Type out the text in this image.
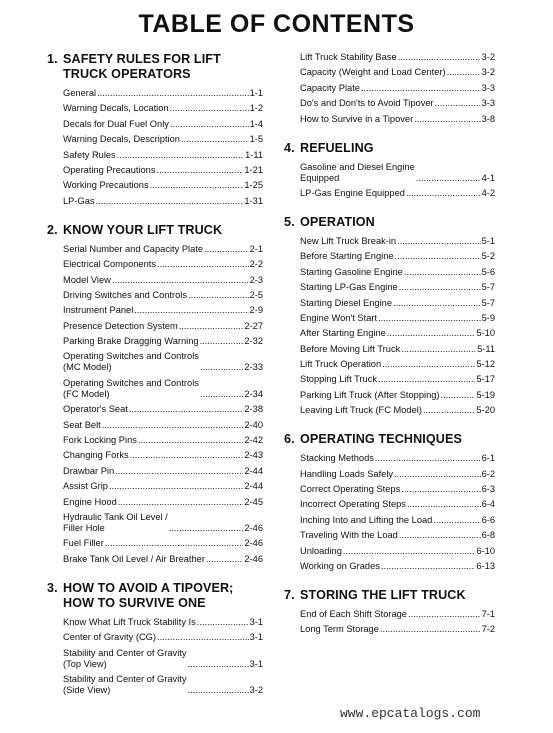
TABLE OF CONTENTS
1. SAFETY RULES FOR LIFT TRUCK OPERATORS
General .....	1-1
Warning Decals, Location .....	1-2
Decals for Dual Fuel Only .....	1-4
Warning Decals, Description .....	1-5
Safety Rules .....	1-11
Operating Precautions .....	1-21
Working Precautions .....	1-25
LP-Gas .....	1-31
2. KNOW YOUR LIFT TRUCK
Serial Number and Capacity Plate .....	2-1
Electrical Components .....	2-2
Model View .....	2-3
Driving Switches and Controls .....	2-5
Instrument Panel .....	2-9
Presence Detection System .....	2-27
Parking Brake Dragging Warning .....	2-32
Operating Switches and Controls
(MC Model) .....	2-33
Operating Switches and Controls
(FC Model) .....	2-34
Operator's Seat .....	2-38
Seat Belt .....	2-40
Fork Locking Pins .....	2-42
Changing Forks .....	2-43
Drawbar Pin .....	2-44
Assist Grip .....	2-44
Engine Hood .....	2-45
Hydraulic Tank Oil Level /
Filler Hole .....	2-46
Fuel Filler .....	2-46
Brake Tank Oil Level / Air Breather .....	2-46
3. HOW TO AVOID A TIPOVER; HOW TO SURVIVE ONE
Know What Lift Truck Stability Is .....	3-1
Center of Gravity (CG) .....	3-1
Stability and Center of Gravity
(Top View) .....	3-1
Stability and Center of Gravity
(Side View) .....	3-2
Lift Truck Stability Base .....	3-2
Capacity (Weight and Load Center) .....	3-2
Capacity Plate .....	3-3
Do's and Don'ts to Avoid Tipover .....	3-3
How to Survive in a Tipover .....	3-8
4. REFUELING
Gasoline and Diesel Engine
Equipped .....	4-1
LP-Gas Engine Equipped .....	4-2
5. OPERATION
New Lift Truck Break-in .....	5-1
Before Starting Engine .....	5-2
Starting Gasoline Engine .....	5-6
Starting LP-Gas Engine .....	5-7
Starting Diesel Engine .....	5-7
Engine Won't Start .....	5-9
After Starting Engine .....	5-10
Before Moving Lift Truck .....	5-11
Lift Truck Operation .....	5-12
Stopping Lift Truck .....	5-17
Parking Lift Truck (After Stopping) .....	5-19
Leaving Lift Truck (FC Model) .....	5-20
6. OPERATING TECHNIQUES
Stacking Methods .....	6-1
Handling Loads Safely .....	6-2
Correct Operating Steps .....	6-3
Incorrect Operating Steps .....	6-4
Inching Into and Lifting the Load .....	6-6
Traveling With the Load .....	6-8
Unloading .....	6-10
Working on Grades .....	6-13
7. STORING THE LIFT TRUCK
End of Each Shift Storage .....	7-1
Long Term Storage .....	7-2
www.epcatalogs.com
